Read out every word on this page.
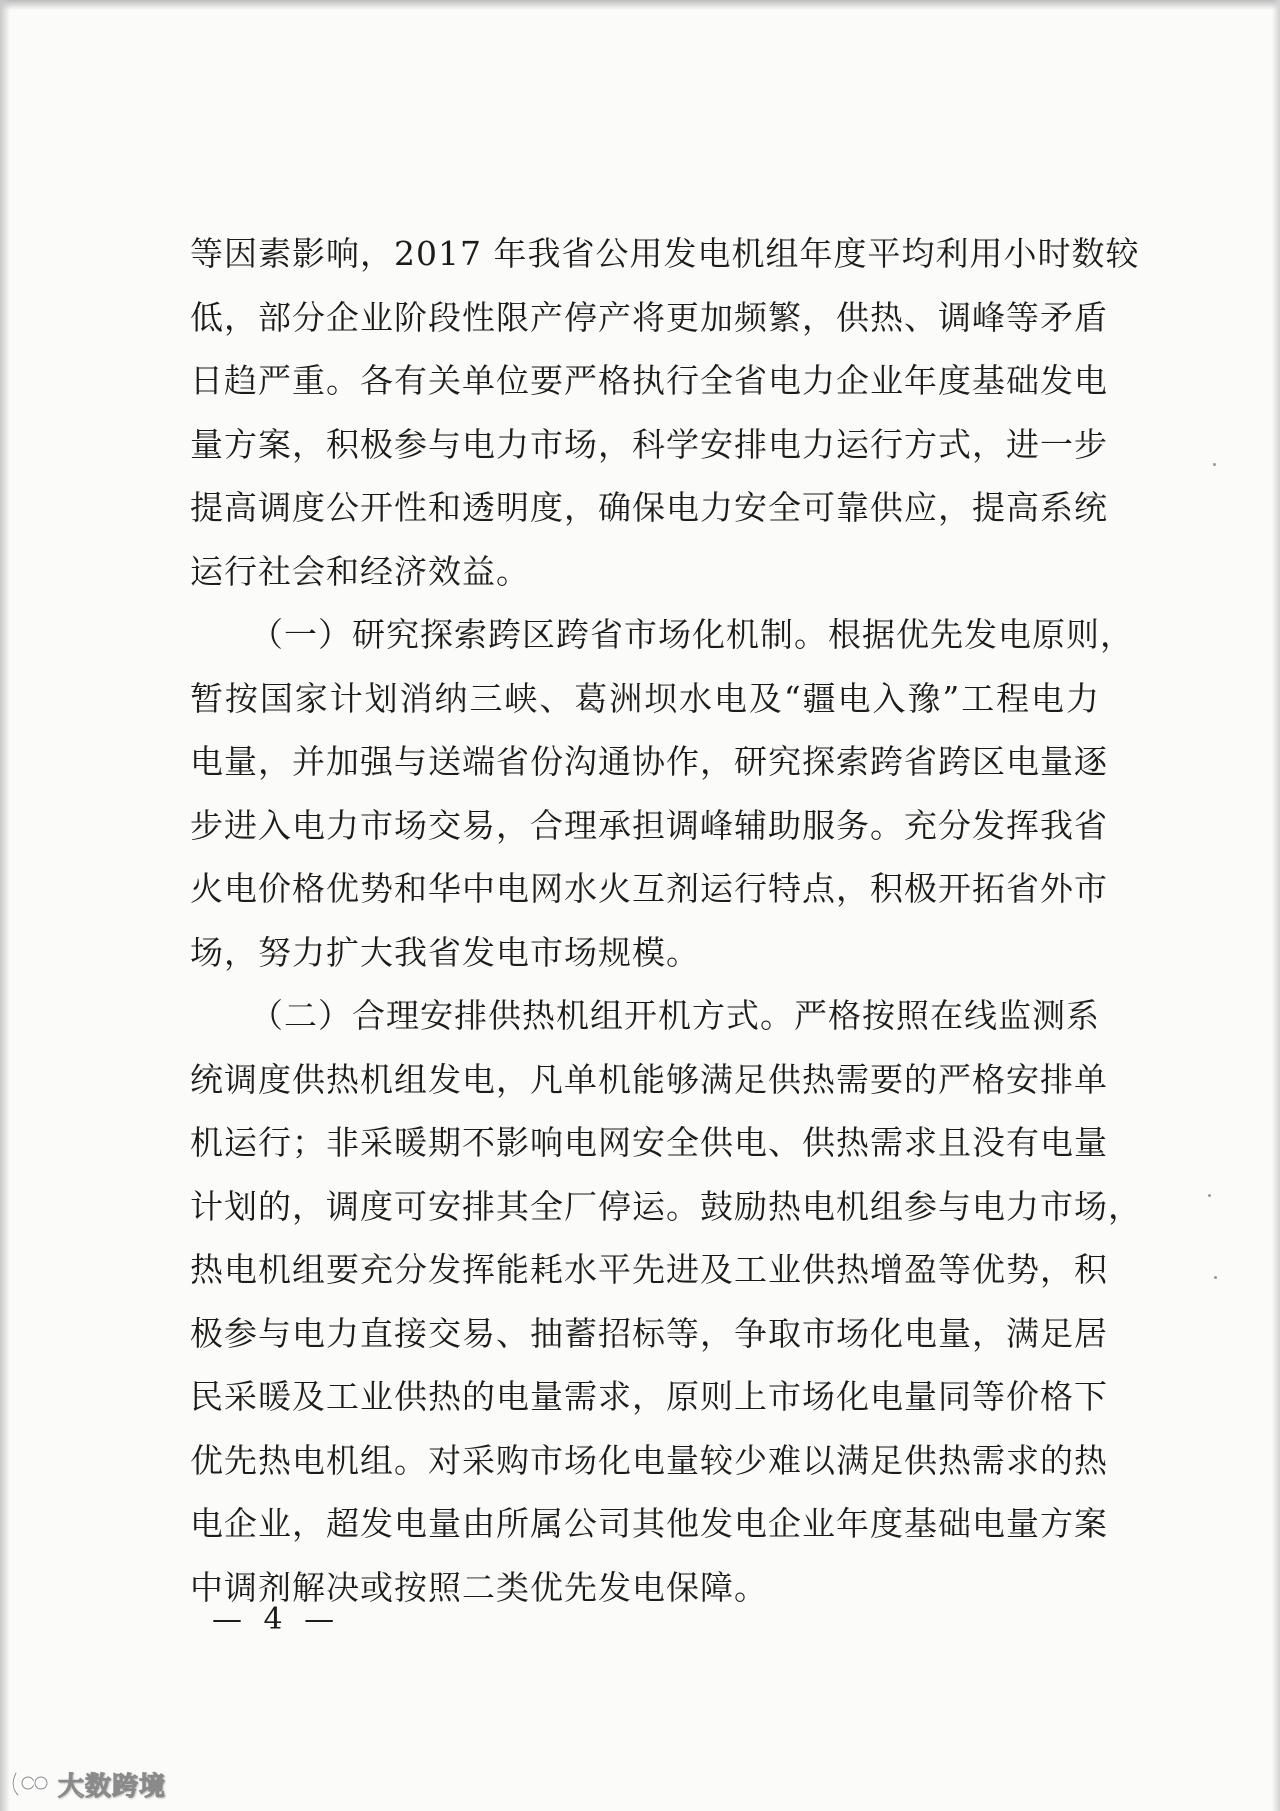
等因素影响，2017 年我省公用发电机组年度平均利用小时数较
低，部分企业阶段性限产停产将更加频繁，供热、调峰等矛盾
日趋严重。各有关单位要严格执行全省电力企业年度基础发电
量方案，积极参与电力市场，科学安排电力运行方式，进一步
提高调度公开性和透明度，确保电力安全可靠供应，提高系统
运行社会和经济效益。
（一）研究探索跨区跨省市场化机制。根据优先发电原则，
暂按国家计划消纳三峡、葛洲坝水电及“疆电入豫”工程电力
电量，并加强与送端省份沟通协作，研究探索跨省跨区电量逐
步进入电力市场交易，合理承担调峰辅助服务。充分发挥我省
火电价格优势和华中电网水火互剂运行特点，积极开拓省外市
场，努力扩大我省发电市场规模。
（二）合理安排供热机组开机方式。严格按照在线监测系
统调度供热机组发电，凡单机能够满足供热需要的严格安排单
机运行；非采暖期不影响电网安全供电、供热需求且没有电量
计划的，调度可安排其全厂停运。鼓励热电机组参与电力市场，
热电机组要充分发挥能耗水平先进及工业供热增盈等优势，积
极参与电力直接交易、抽蓄招标等，争取市场化电量，满足居
民采暖及工业供热的电量需求，原则上市场化电量同等价格下
优先热电机组。对采购市场化电量较少难以满足供热需求的热
电企业，超发电量由所属公司其他发电企业年度基础电量方案
中调剂解决或按照二类优先发电保障。
— 4 —
大数跨境
